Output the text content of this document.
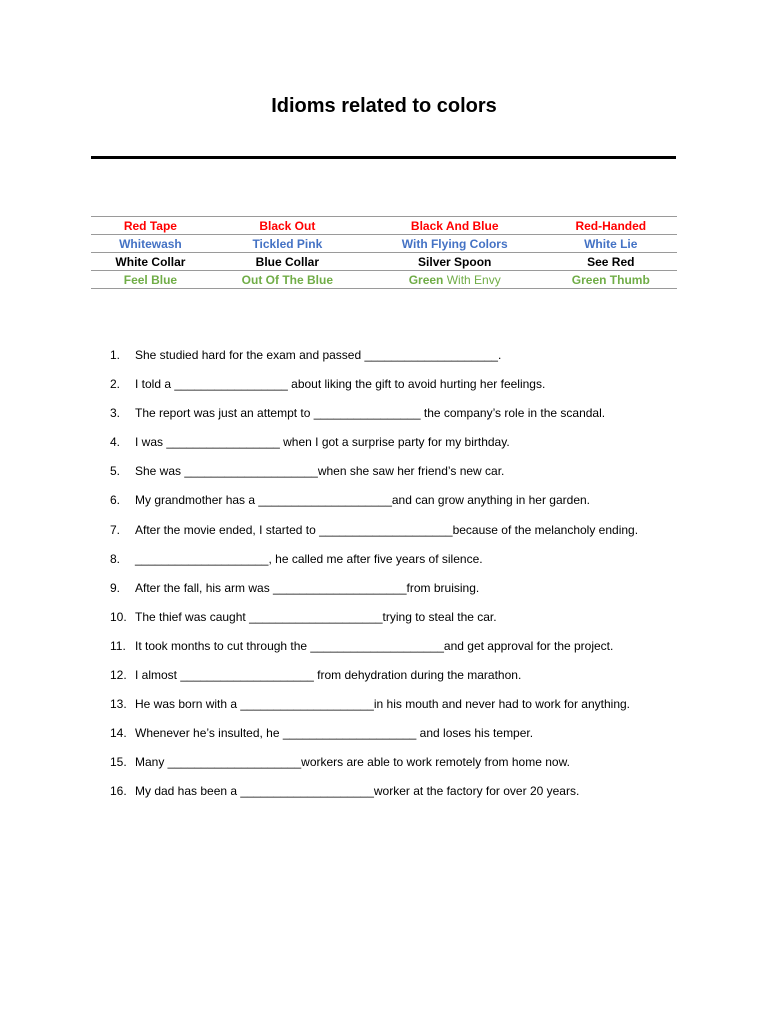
Idioms related to colors
Red Tape	Black Out	Black And Blue	Red-Handed
Whitewash	Tickled Pink	With Flying Colors	White Lie
White Collar	Blue Collar	Silver Spoon	See Red
Feel Blue	Out Of The Blue	Green With Envy	Green Thumb
1.	She studied hard for the exam and passed ____________________.
2.	I told a _________________ about liking the gift to avoid hurting her feelings.
3.	The report was just an attempt to ________________ the company’s role in the scandal.
4.	I was _________________ when I got a surprise party for my birthday.
5.	She was ____________________when she saw her friend’s new car.
6.	My grandmother has a ____________________and can grow anything in her garden.
7.	After the movie ended, I started to ____________________because of the melancholy ending.
8.	____________________, he called me after five years of silence.
9.	After the fall, his arm was ____________________from bruising.
10. The thief was caught ____________________trying to steal the car.
11. It took months to cut through the ____________________and get approval for the project.
12. I almost ____________________ from dehydration during the marathon.
13. He was born with a ____________________in his mouth and never had to work for anything.
14. Whenever he’s insulted, he ____________________ and loses his temper.
15. Many ____________________workers are able to work remotely from home now.
16. My dad has been a ____________________worker at the factory for over 20 years.
